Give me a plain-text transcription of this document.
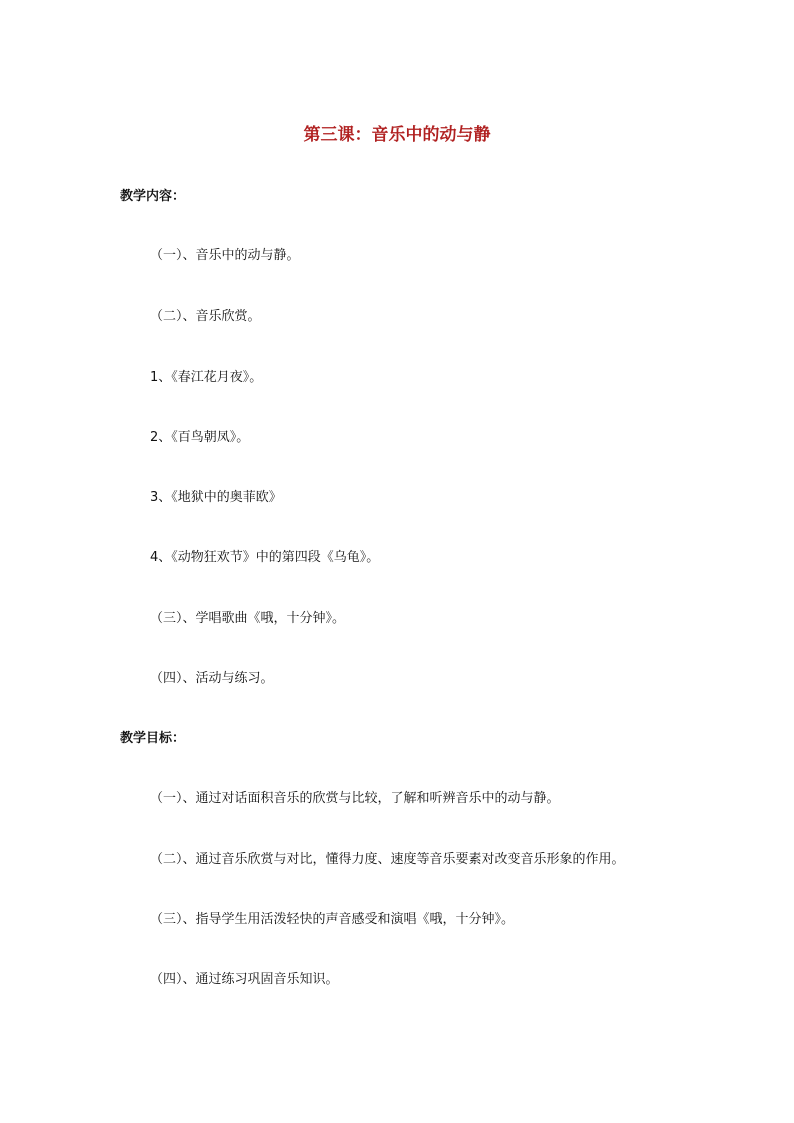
第三课：音乐中的动与静
教学内容：
（一）、音乐中的动与静。
（二）、音乐欣赏。
1、《春江花月夜》。
2、《百鸟朝凤》。
3、《地狱中的奥菲欧》
4、《动物狂欢节》中的第四段《乌龟》。
（三）、学唱歌曲《哦，十分钟》。
（四）、活动与练习。
教学目标：
（一）、通过对话面积音乐的欣赏与比较，了解和听辨音乐中的动与静。
（二）、通过音乐欣赏与对比，懂得力度、速度等音乐要素对改变音乐形象的作用。
（三）、指导学生用活泼轻快的声音感受和演唱《哦，十分钟》。
（四）、通过练习巩固音乐知识。
